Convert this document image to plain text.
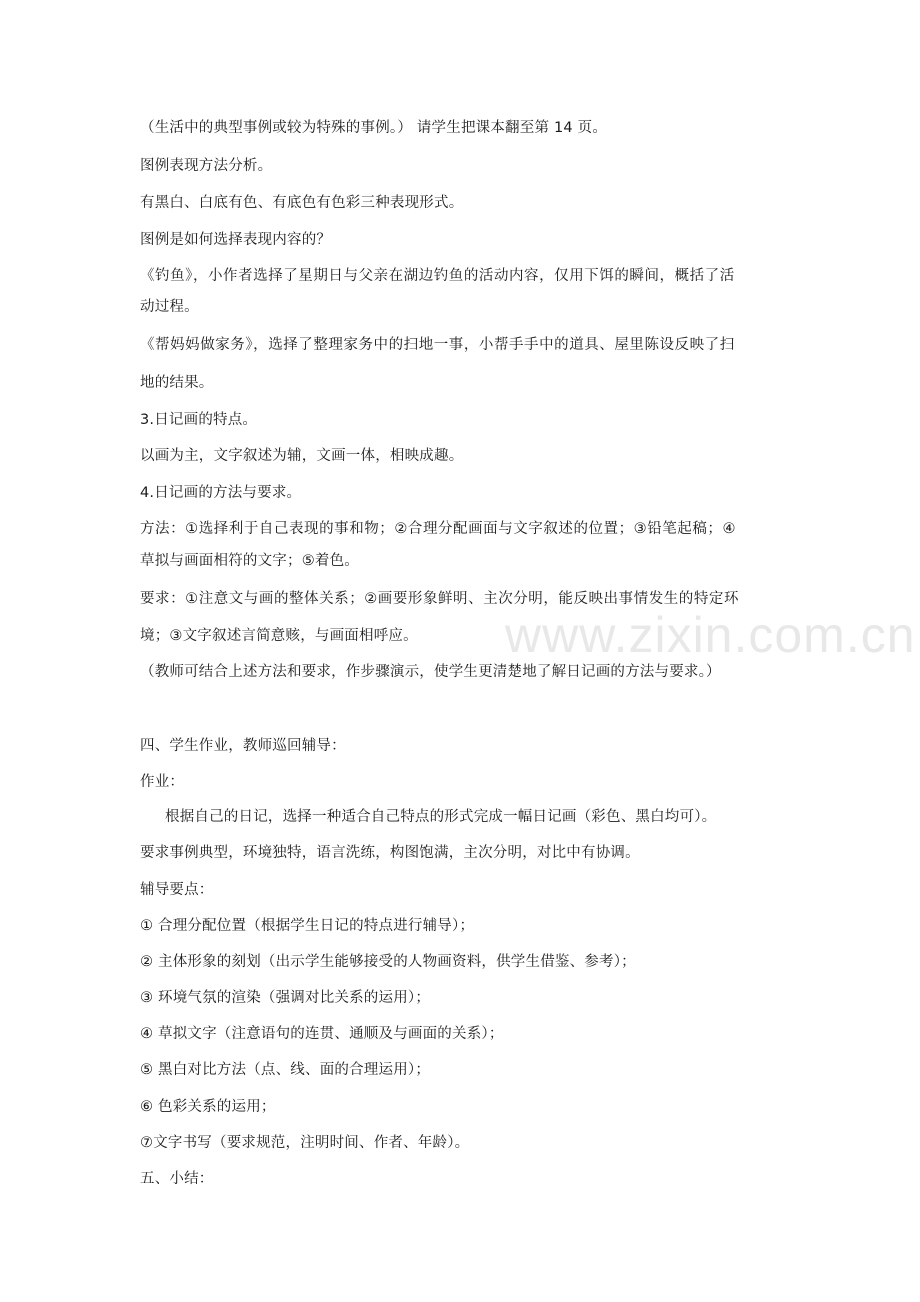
（生活中的典型事例或较为特殊的事例。） 请学生把课本翻至第 14 页。
图例表现方法分析。
有黑白、白底有色、有底色有色彩三种表现形式。
图例是如何选择表现内容的？
《钓鱼》，小作者选择了星期日与父亲在湖边钓鱼的活动内容，仅用下饵的瞬间，概括了活
动过程。
《帮妈妈做家务》，选择了整理家务中的扫地一事，小帮手手中的道具、屋里陈设反映了扫
地的结果。
3.日记画的特点。
以画为主，文字叙述为辅，文画一体，相映成趣。
4.日记画的方法与要求。
方法：①选择利于自己表现的事和物；②合理分配画面与文字叙述的位置；③铅笔起稿；④
草拟与画面相符的文字；⑤着色。
要求：①注意文与画的整体关系；②画要形象鲜明、主次分明，能反映出事情发生的特定环
境；③文字叙述言简意赅，与画面相呼应。
（教师可结合上述方法和要求，作步骤演示，使学生更清楚地了解日记画的方法与要求。）
四、学生作业，教师巡回辅导：
作业：
根据自己的日记，选择一种适合自己特点的形式完成一幅日记画（彩色、黑白均可）。
要求事例典型，环境独特，语言洗练，构图饱满，主次分明，对比中有协调。
辅导要点：
① 合理分配位置（根据学生日记的特点进行辅导）；
② 主体形象的刻划（出示学生能够接受的人物画资料，供学生借鉴、参考）；
③ 环境气氛的渲染（强调对比关系的运用）；
④ 草拟文字（注意语句的连贯、通顺及与画面的关系）；
⑤ 黑白对比方法（点、线、面的合理运用）；
⑥ 色彩关系的运用；
⑦文字书写（要求规范，注明时间、作者、年龄）。
五、小结：
www.zixin.com.cn
